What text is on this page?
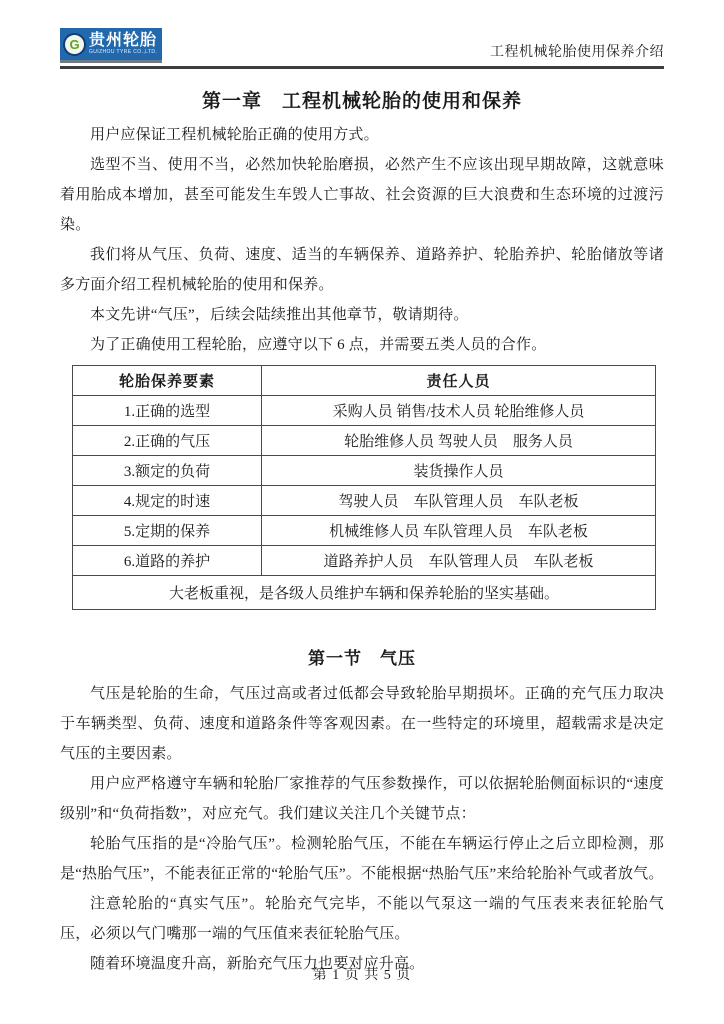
G 贵州轮胎
GUIZHOU TYRE CO.,LTD.	工程机械轮胎使用保养介绍
第一章　工程机械轮胎的使用和保养

用户应保证工程机械轮胎正确的使用方式。

选型不当、使用不当，必然加快轮胎磨损，必然产生不应该出现早期故障，这就意味着用胎成本增加，甚至可能发生车毁人亡事故、社会资源的巨大浪费和生态环境的过渡污染。

我们将从气压、负荷、速度、适当的车辆保养、道路养护、轮胎养护、轮胎储放等诸多方面介绍工程机械轮胎的使用和保养。

本文先讲“气压”，后续会陆续推出其他章节，敬请期待。

为了正确使用工程轮胎，应遵守以下 6 点，并需要五类人员的合作。

轮胎保养要素	责任人员
1.正确的选型	采购人员 销售/技术人员 轮胎维修人员
2.正确的气压	轮胎维修人员 驾驶人员　服务人员
3.额定的负荷	装货操作人员
4.规定的时速	驾驶人员　车队管理人员　车队老板
5.定期的保养	机械维修人员 车队管理人员　车队老板
6.道路的养护	道路养护人员　车队管理人员　车队老板
大老板重视，是各级人员维护车辆和保养轮胎的坚实基础。	
第一节　气压

气压是轮胎的生命，气压过高或者过低都会导致轮胎早期损坏。正确的充气压力取决于车辆类型、负荷、速度和道路条件等客观因素。在一些特定的环境里，超载需求是决定气压的主要因素。

用户应严格遵守车辆和轮胎厂家推荐的气压参数操作，可以依据轮胎侧面标识的“速度级别”和“负荷指数”，对应充气。我们建议关注几个关键节点：

轮胎气压指的是“冷胎气压”。检测轮胎气压，不能在车辆运行停止之后立即检测，那是“热胎气压”，不能表征正常的“轮胎气压”。不能根据“热胎气压”来给轮胎补气或者放气。

注意轮胎的“真实气压”。轮胎充气完毕，不能以气泵这一端的气压表来表征轮胎气压，必须以气门嘴那一端的气压值来表征轮胎气压。

随着环境温度升高，新胎充气压力也要对应升高。

第 1 页 共 5 页
